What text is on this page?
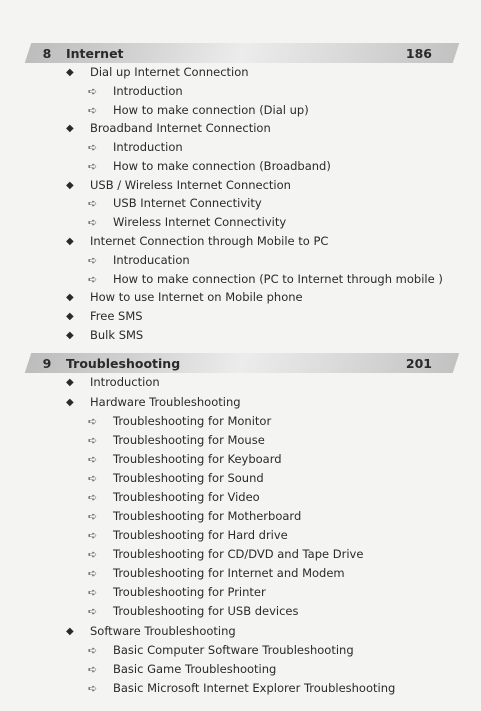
8	Internet	186
◆	Dial up Internet Connection
➪	Introduction
➪	How to make connection (Dial up)
◆	Broadband Internet Connection
➪	Introduction
➪	How to make connection (Broadband)
◆	USB / Wireless Internet Connection
➪	USB Internet Connectivity
➪	Wireless Internet Connectivity
◆	Internet Connection through Mobile to PC
➪	Introducation
➪	How to make connection (PC to Internet through mobile )
◆	How to use Internet on Mobile phone
◆	Free SMS
◆	Bulk SMS
9	Troubleshooting	201
◆	Introduction
◆	Hardware Troubleshooting
➪	Troubleshooting for Monitor
➪	Troubleshooting for Mouse
➪	Troubleshooting for Keyboard
➪	Troubleshooting for Sound
➪	Troubleshooting for Video
➪	Troubleshooting for Motherboard
➪	Troubleshooting for Hard drive
➪	Troubleshooting for CD/DVD and Tape Drive
➪	Troubleshooting for Internet and Modem
➪	Troubleshooting for Printer
➪	Troubleshooting for USB devices
◆	Software Troubleshooting
➪	Basic Computer Software Troubleshooting
➪	Basic Game Troubleshooting
➪	Basic Microsoft Internet Explorer Troubleshooting
